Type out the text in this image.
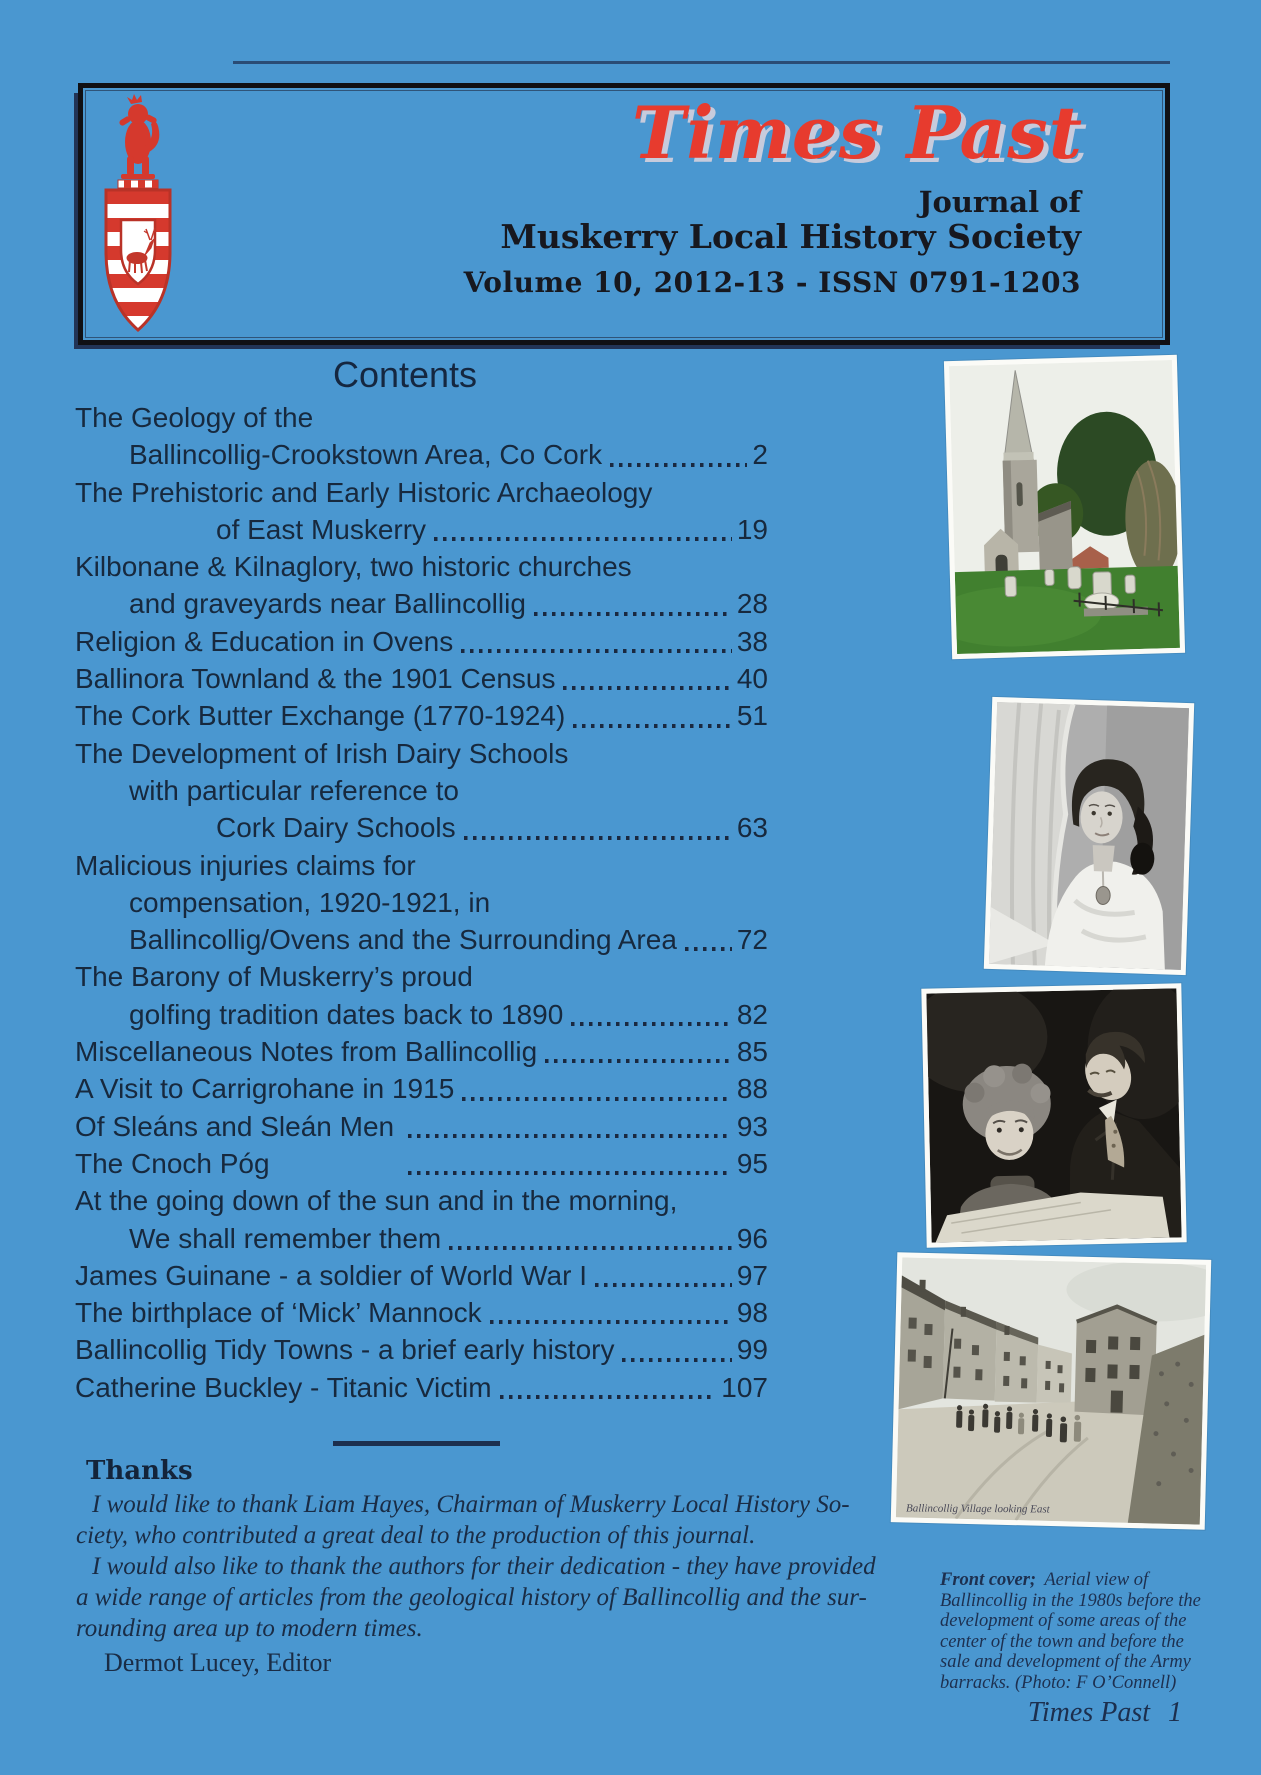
Times Past
Journal of
Muskerry Local History Society
Volume 10, 2012-13 - ISSN 0791-1203
Contents
The Geology of the
Ballincollig-Crookstown Area, Co Cork	2
The Prehistoric and Early Historic Archaeology
of East Muskerry	19
Kilbonane & Kilnaglory, two historic churches
and graveyards near Ballincollig	28
Religion & Education in Ovens	38
Ballinora Townland & the 1901 Census	40
The Cork Butter Exchange (1770-1924)	51
The Development of Irish Dairy Schools
with particular reference to
Cork Dairy Schools	63
Malicious injuries claims for
compensation, 1920-1921, in
Ballincollig/Ovens and the Surrounding Area 72
The Barony of Muskerry’s proud
golfing tradition dates back to 1890	82
Miscellaneous Notes from Ballincollig	85
A Visit to Carrigrohane in 1915	88
Of Sleáns and Sleán Men	93
The Cnoch Póg	95
At the going down of the sun and in the morning,
We shall remember them	96
James Guinane - a soldier of World War I	97
The birthplace of ‘Mick’ Mannock	98
Ballincollig Tidy Towns - a brief early history	99
Catherine Buckley - Titanic Victim	107
Thanks
I would like to thank Liam Hayes, Chairman of Muskerry Local History So-
ciety, who contributed a great deal to the production of this journal.
I would also like to thank the authors for their dedication - they have provided
a wide range of articles from the geological history of Ballincollig and the sur-
rounding area up to modern times.
Dermot Lucey, Editor
Ballincollig Village looking East
Front cover; Aerial view of
Ballincollig in the 1980s before the
development of some areas of the
center of the town and before the
sale and development of the Army
barracks. (Photo: F O’Connell)
Times Past 1
